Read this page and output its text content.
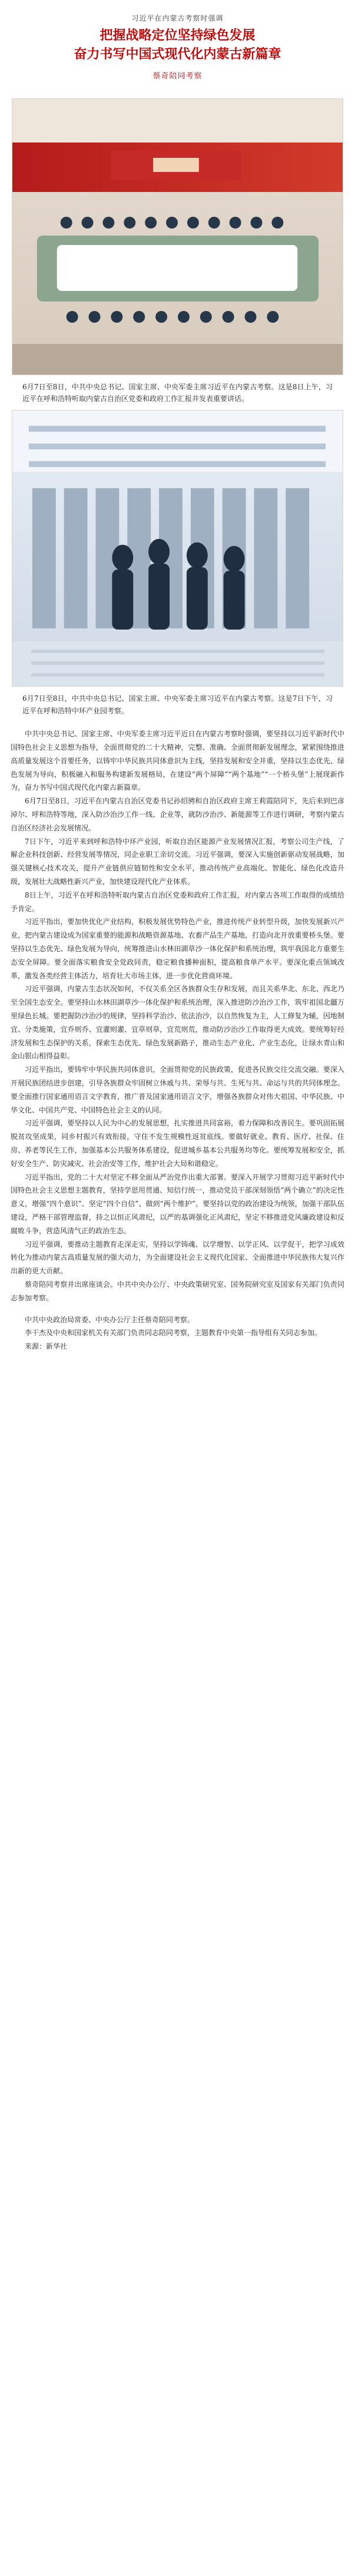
习近平在内蒙古考察时强调
把握战略定位坚持绿色发展
奋力书写中国式现代化内蒙古新篇章
蔡奇陪同考察
6月7日至8日，中共中央总书记、国家主席、中央军委主席习近平在内蒙古考察。这是8日上午，习近平在呼和浩特听取内蒙古自治区党委和政府工作汇报并发表重要讲话。
6月7日至8日，中共中央总书记、国家主席、中央军委主席习近平在内蒙古考察。这是7日下午，习近平在呼和浩特中环产业园考察。

中共中央总书记、国家主席、中央军委主席习近平近日在内蒙古考察时强调，要坚持以习近平新时代中国特色社会主义思想为指导，全面贯彻党的二十大精神，完整、准确、全面贯彻新发展理念，紧紧围绕推进高质量发展这个首要任务，以铸牢中华民族共同体意识为主线，坚持发展和安全并重，坚持以生态优先、绿色发展为导向，积极融入和服务构建新发展格局，在建设“两个屏障”“两个基地”“一个桥头堡”上展现新作为，奋力书写中国式现代化内蒙古新篇章。

6月7日至8日，习近平在内蒙古自治区党委书记孙绍骋和自治区政府主席王莉霞陪同下，先后来到巴彦淖尔、呼和浩特等地，深入防沙治沙工作一线、企业等，就防沙治沙、新能源等工作进行调研，考察内蒙古自治区经济社会发展情况。

7日下午，习近平来到呼和浩特中环产业园，听取自治区能源产业发展情况汇报，考察公司生产线，了解企业科技创新、经营发展等情况，同企业职工亲切交流。习近平强调，要深入实施创新驱动发展战略，加强关键核心技术攻关，提升产业链供应链韧性和安全水平，推动传统产业高端化、智能化、绿色化改造升级，发展壮大战略性新兴产业，加快建设现代化产业体系。

8日上午，习近平在呼和浩特听取内蒙古自治区党委和政府工作汇报，对内蒙古各项工作取得的成绩给予肯定。

习近平指出，要加快优化产业结构，积极发展优势特色产业，推进传统产业转型升级，加快发展新兴产业，把内蒙古建设成为国家重要的能源和战略资源基地、农畜产品生产基地，打造向北开放重要桥头堡。要坚持以生态优先、绿色发展为导向，统筹推进山水林田湖草沙一体化保护和系统治理，筑牢我国北方重要生态安全屏障。要全面落实粮食安全党政同责，稳定粮食播种面积，提高粮食单产水平。要深化重点领域改革，激发各类经营主体活力，培育壮大市场主体，进一步优化营商环境。

习近平强调，内蒙古生态状况如何，不仅关系全区各族群众生存和发展，而且关系华北、东北、西北乃至全国生态安全。要坚持山水林田湖草沙一体化保护和系统治理，深入推进防沙治沙工作，筑牢祖国北疆万里绿色长城。要把握防沙治沙的规律，坚持科学治沙、依法治沙，以自然恢复为主，人工修复为辅，因地制宜、分类施策，宜乔则乔、宜灌则灌、宜草则草，宜荒则荒，推动防沙治沙工作取得更大成效。要统筹好经济发展和生态保护的关系，探索生态优先、绿色发展新路子，推动生态产业化、产业生态化，让绿水青山和金山银山相得益彰。

习近平指出，要铸牢中华民族共同体意识，全面贯彻党的民族政策，促进各民族交往交流交融。要深入开展民族团结进步创建，引导各族群众牢固树立休戚与共、荣辱与共、生死与共、命运与共的共同体理念。要全面推行国家通用语言文字教育，推广普及国家通用语言文字，增强各族群众对伟大祖国、中华民族、中华文化、中国共产党、中国特色社会主义的认同。

习近平强调，要坚持以人民为中心的发展思想，扎实推进共同富裕，着力保障和改善民生。要巩固拓展脱贫攻坚成果，同乡村振兴有效衔接，守住不发生规模性返贫底线。要做好就业、教育、医疗、社保、住房、养老等民生工作，加强基本公共服务体系建设，促进城乡基本公共服务均等化。要统筹发展和安全，抓好安全生产、防灾减灾、社会治安等工作，维护社会大局和谐稳定。

习近平指出，党的二十大对坚定不移全面从严治党作出重大部署。要深入开展学习贯彻习近平新时代中国特色社会主义思想主题教育，坚持学思用贯通、知信行统一，推动党员干部深刻领悟“两个确立”的决定性意义，增强“四个意识”、坚定“四个自信”、做到“两个维护”。要坚持以党的政治建设为统领，加强干部队伍建设，严格干部管理监督，持之以恒正风肃纪，以严的基调强化正风肃纪，坚定不移推进党风廉政建设和反腐败斗争，营造风清气正的政治生态。

习近平强调，要推动主题教育走深走实，坚持以学铸魂、以学增智、以学正风、以学促干，把学习成效转化为推动内蒙古高质量发展的强大动力，为全面建设社会主义现代化国家、全面推进中华民族伟大复兴作出新的更大贡献。

蔡奇陪同考察并出席座谈会。中共中央办公厅、中央政策研究室、国务院研究室及国家有关部门负责同志参加考察。

中共中央政治局常委、中央办公厅主任蔡奇陪同考察。
李干杰及中央和国家机关有关部门负责同志陪同考察，主题教育中央第一指导组有关同志参加。
来源：新华社
